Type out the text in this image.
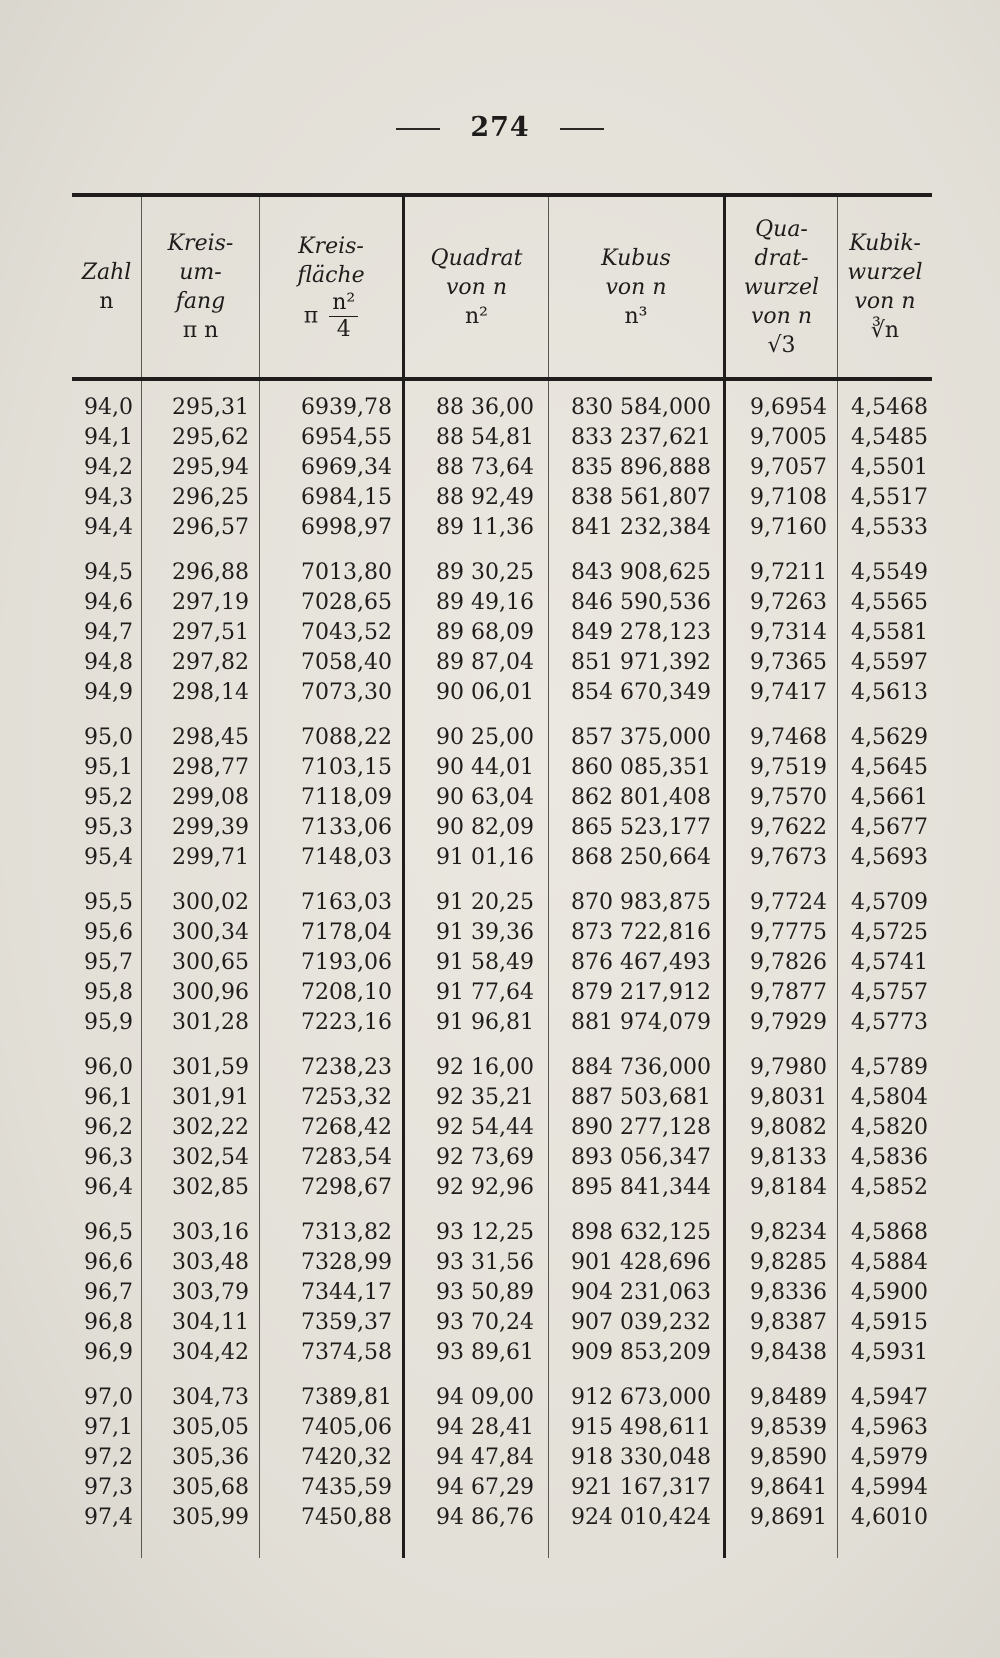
274
Zahl
n
Kreis-
um-
fang
π n
Kreis-
fläche
π $\frac{\text{n²}}{4}$
Quadrat
von n
n²
Kubus
von n
n³
Qua-
drat-
wurzel
von n
√3
Kubik-
wurzel
von n
∛n
94,0
94,1
94,2
94,3
94,4
94,5
94,6
94,7
94,8
94,9
95,0
95,1
95,2
95,3
95,4
95,5
95,6
95,7
95,8
95,9
96,0
96,1
96,2
96,3
96,4
96,5
96,6
96,7
96,8
96,9
97,0
97,1
97,2
97,3
97,4
295,31
295,62
295,94
296,25
296,57
296,88
297,19
297,51
297,82
298,14
298,45
298,77
299,08
299,39
299,71
300,02
300,34
300,65
300,96
301,28
301,59
301,91
302,22
302,54
302,85
303,16
303,48
303,79
304,11
304,42
304,73
305,05
305,36
305,68
305,99
6939,78
6954,55
6969,34
6984,15
6998,97
7013,80
7028,65
7043,52
7058,40
7073,30
7088,22
7103,15
7118,09
7133,06
7148,03
7163,03
7178,04
7193,06
7208,10
7223,16
7238,23
7253,32
7268,42
7283,54
7298,67
7313,82
7328,99
7344,17
7359,37
7374,58
7389,81
7405,06
7420,32
7435,59
7450,88
88 36,00
88 54,81
88 73,64
88 92,49
89 11,36
89 30,25
89 49,16
89 68,09
89 87,04
90 06,01
90 25,00
90 44,01
90 63,04
90 82,09
91 01,16
91 20,25
91 39,36
91 58,49
91 77,64
91 96,81
92 16,00
92 35,21
92 54,44
92 73,69
92 92,96
93 12,25
93 31,56
93 50,89
93 70,24
93 89,61
94 09,00
94 28,41
94 47,84
94 67,29
94 86,76
830 584,000
833 237,621
835 896,888
838 561,807
841 232,384
843 908,625
846 590,536
849 278,123
851 971,392
854 670,349
857 375,000
860 085,351
862 801,408
865 523,177
868 250,664
870 983,875
873 722,816
876 467,493
879 217,912
881 974,079
884 736,000
887 503,681
890 277,128
893 056,347
895 841,344
898 632,125
901 428,696
904 231,063
907 039,232
909 853,209
912 673,000
915 498,611
918 330,048
921 167,317
924 010,424
9,6954
9,7005
9,7057
9,7108
9,7160
9,7211
9,7263
9,7314
9,7365
9,7417
9,7468
9,7519
9,7570
9,7622
9,7673
9,7724
9,7775
9,7826
9,7877
9,7929
9,7980
9,8031
9,8082
9,8133
9,8184
9,8234
9,8285
9,8336
9,8387
9,8438
9,8489
9,8539
9,8590
9,8641
9,8691
4,5468
4,5485
4,5501
4,5517
4,5533
4,5549
4,5565
4,5581
4,5597
4,5613
4,5629
4,5645
4,5661
4,5677
4,5693
4,5709
4,5725
4,5741
4,5757
4,5773
4,5789
4,5804
4,5820
4,5836
4,5852
4,5868
4,5884
4,5900
4,5915
4,5931
4,5947
4,5963
4,5979
4,5994
4,6010
